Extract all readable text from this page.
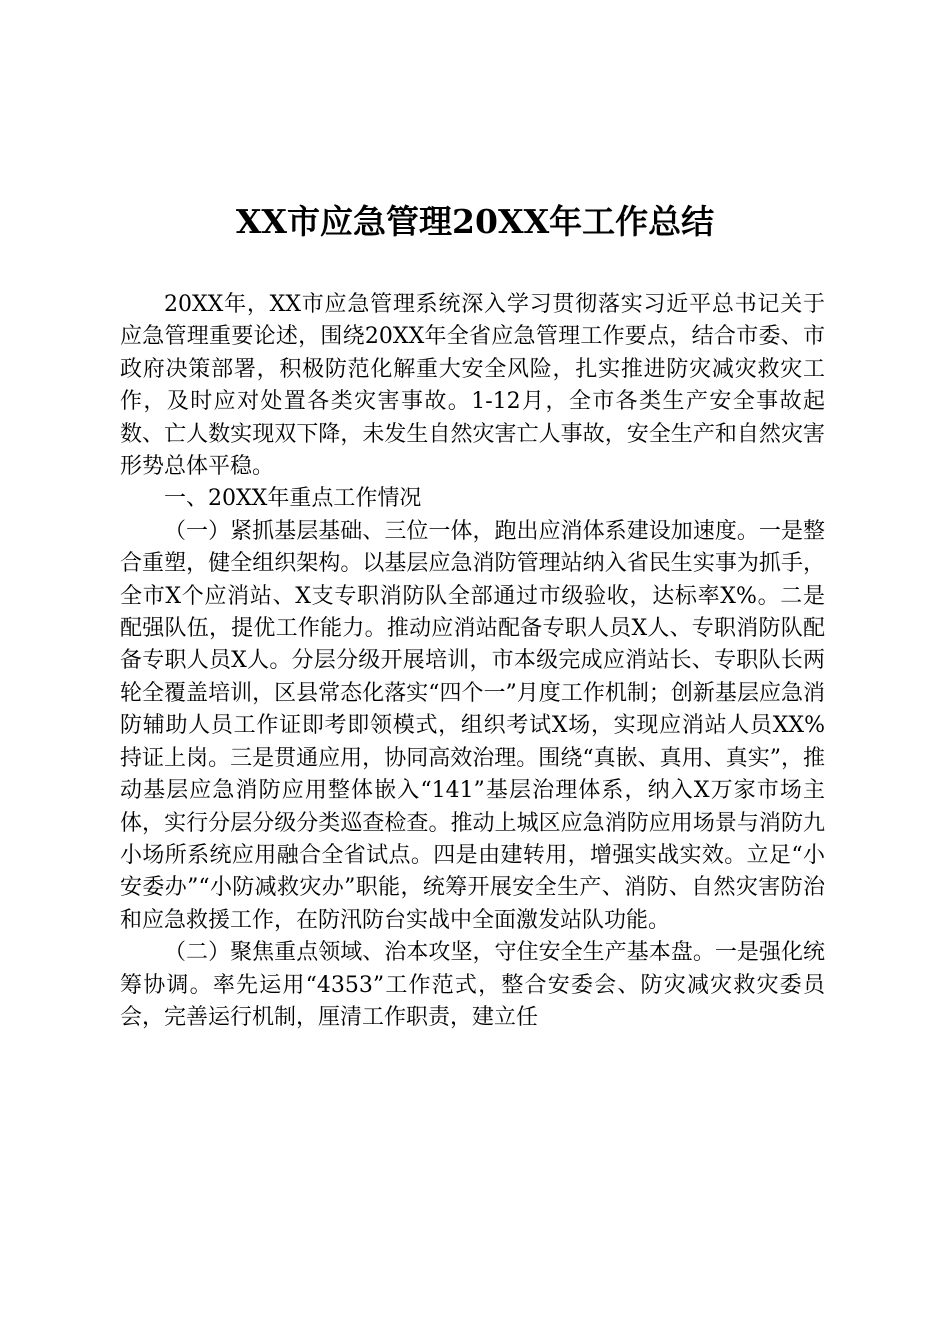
XX市应急管理20XX年工作总结

20XX年，XX市应急管理系统深入学习贯彻落实习近平总书记关于应急管理重要论述，围绕20XX年全省应急管理工作要点，结合市委、市政府决策部署，积极防范化解重大安全风险，扎实推进防灾减灾救灾工作，及时应对处置各类灾害事故。1-12月，全市各类生产安全事故起数、亡人数实现双下降，未发生自然灾害亡人事故，安全生产和自然灾害形势总体平稳。

一、20XX年重点工作情况

（一）紧抓基层基础、三位一体，跑出应消体系建设加速度。一是整合重塑，健全组织架构。以基层应急消防管理站纳入省民生实事为抓手，全市X个应消站、X支专职消防队全部通过市级验收，达标率X%。二是配强队伍，提优工作能力。推动应消站配备专职人员X人、专职消防队配备专职人员X人。分层分级开展培训，市本级完成应消站长、专职队长两轮全覆盖培训，区县常态化落实“四个一”月度工作机制；创新基层应急消防辅助人员工作证即考即领模式，组织考试X场，实现应消站人员XX%持证上岗。三是贯通应用，协同高效治理。围绕“真嵌、真用、真实”，推动基层应急消防应用整体嵌入“141”基层治理体系，纳入X万家市场主体，实行分层分级分类巡查检查。推动上城区应急消防应用场景与消防九小场所系统应用融合全省试点。四是由建转用，增强实战实效。立足“小安委办”“小防减救灾办”职能，统筹开展安全生产、消防、自然灾害防治和应急救援工作，在防汛防台实战中全面激发站队功能。

（二）聚焦重点领域、治本攻坚，守住安全生产基本盘。一是强化统筹协调。率先运用“4353”工作范式，整合安委会、防灾减灾救灾委员会，完善运行机制，厘清工作职责，建立任
